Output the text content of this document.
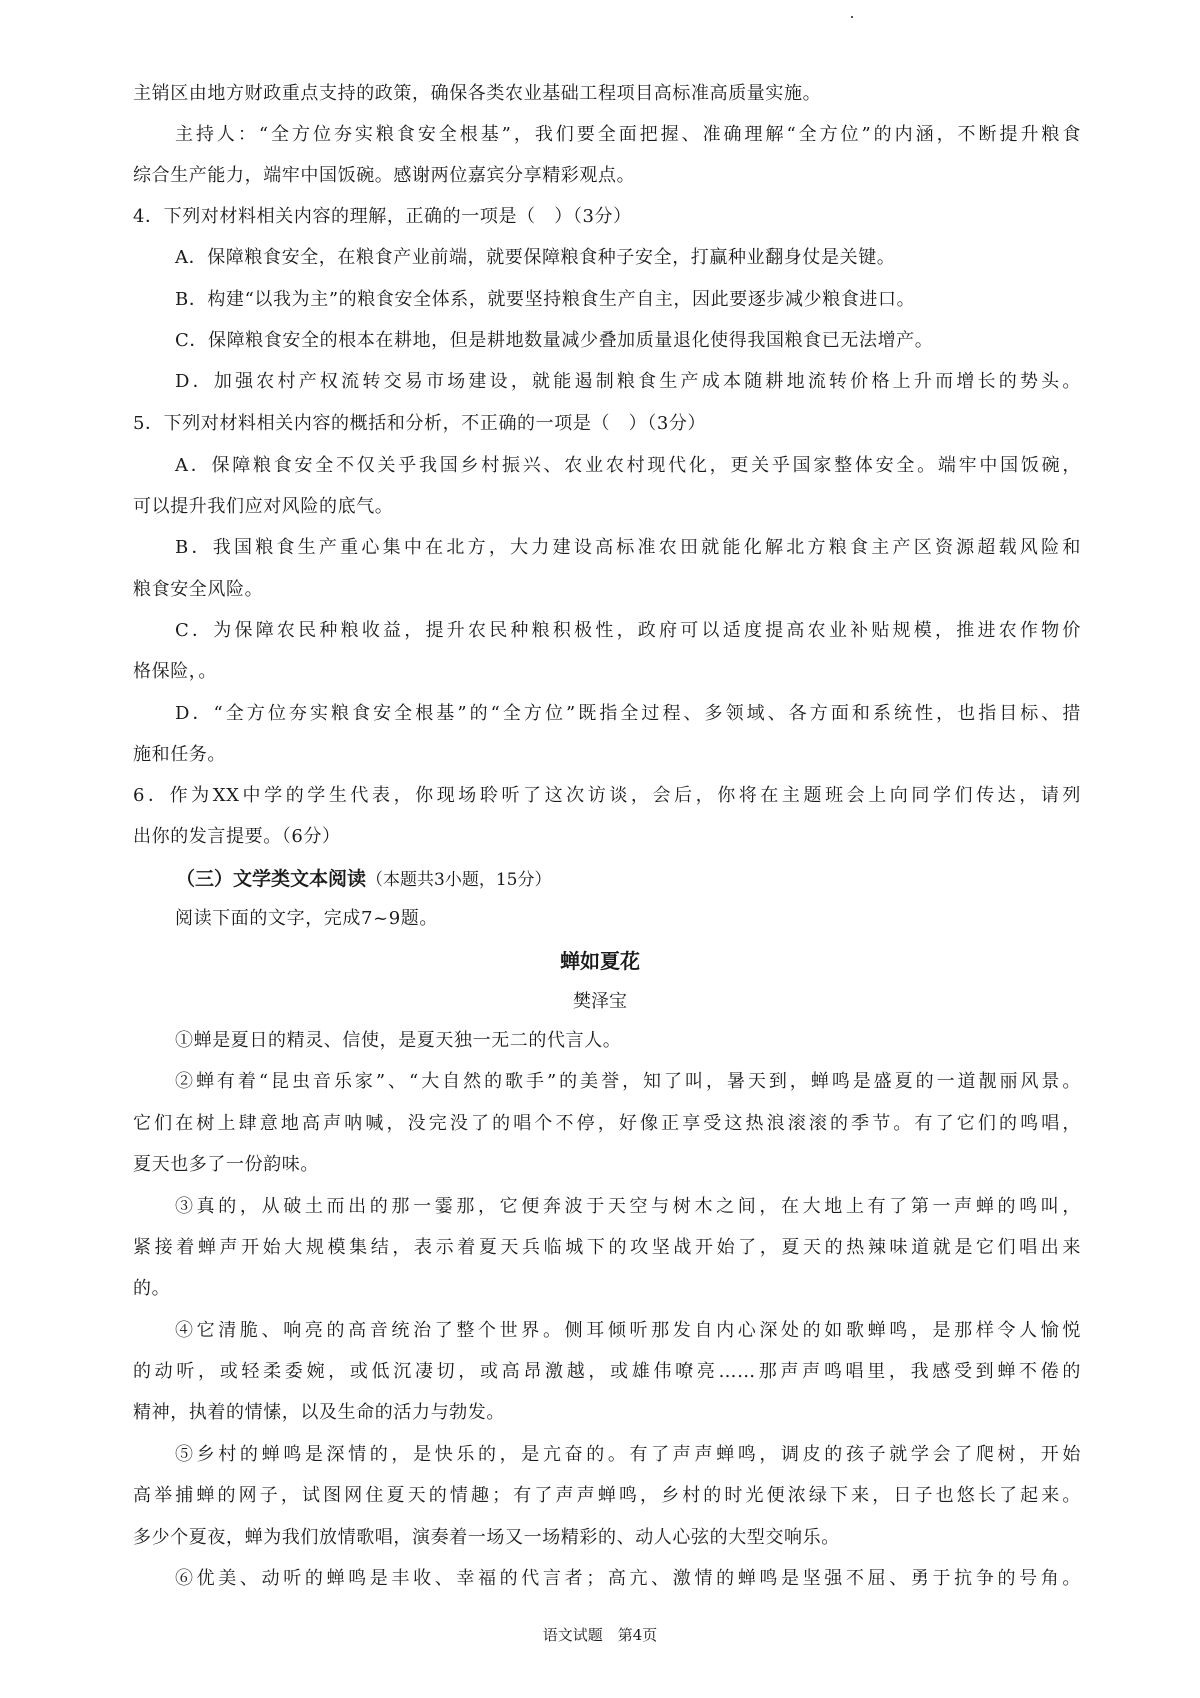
主销区由地方财政重点支持的政策，确保各类农业基础工程项目高标准高质量实施。
主持人：“全方位夯实粮食安全根基”，我们要全面把握、准确理解“全方位”的内涵，不断提升粮食
综合生产能力，端牢中国饭碗。感谢两位嘉宾分享精彩观点。
4．下列对材料相关内容的理解，正确的一项是（　）（3分）
A．保障粮食安全，在粮食产业前端，就要保障粮食种子安全，打赢种业翻身仗是关键。
B．构建“以我为主”的粮食安全体系，就要坚持粮食生产自主，因此要逐步减少粮食进口。
C．保障粮食安全的根本在耕地，但是耕地数量减少叠加质量退化使得我国粮食已无法增产。
D．加强农村产权流转交易市场建设，就能遏制粮食生产成本随耕地流转价格上升而增长的势头。
5．下列对材料相关内容的概括和分析，不正确的一项是（　）（3分）
A．保障粮食安全不仅关乎我国乡村振兴、农业农村现代化，更关乎国家整体安全。端牢中国饭碗，
可以提升我们应对风险的底气。
B．我国粮食生产重心集中在北方，大力建设高标准农田就能化解北方粮食主产区资源超载风险和
粮食安全风险。
C．为保障农民种粮收益，提升农民种粮积极性，政府可以适度提高农业补贴规模，推进农作物价
格保险，。
D．“全方位夯实粮食安全根基”的“全方位”既指全过程、多领域、各方面和系统性，也指目标、措
施和任务。
6．作为XX中学的学生代表，你现场聆听了这次访谈，会后，你将在主题班会上向同学们传达，请列
出你的发言提要。（6分）
（三）文学类文本阅读（本题共3小题，15分）
阅读下面的文字，完成7~9题。
蝉如夏花
樊泽宝
①蝉是夏日的精灵、信使，是夏天独一无二的代言人。
②蝉有着“昆虫音乐家”、“大自然的歌手”的美誉，知了叫，暑天到，蝉鸣是盛夏的一道靓丽风景。
它们在树上肆意地高声呐喊，没完没了的唱个不停，好像正享受这热浪滚滚的季节。有了它们的鸣唱，
夏天也多了一份韵味。
③真的，从破土而出的那一霎那，它便奔波于天空与树木之间，在大地上有了第一声蝉的鸣叫，
紧接着蝉声开始大规模集结，表示着夏天兵临城下的攻坚战开始了，夏天的热辣味道就是它们唱出来
的。
④它清脆、响亮的高音统治了整个世界。侧耳倾听那发自内心深处的如歌蝉鸣，是那样令人愉悦
的动听，或轻柔委婉，或低沉凄切，或高昂激越，或雄伟嘹亮……那声声鸣唱里，我感受到蝉不倦的
精神，执着的情愫，以及生命的活力与勃发。
⑤乡村的蝉鸣是深情的，是快乐的，是亢奋的。有了声声蝉鸣，调皮的孩子就学会了爬树，开始
高举捕蝉的网子，试图网住夏天的情趣；有了声声蝉鸣，乡村的时光便浓绿下来，日子也悠长了起来。
多少个夏夜，蝉为我们放情歌唱，演奏着一场又一场精彩的、动人心弦的大型交响乐。
⑥优美、动听的蝉鸣是丰收、幸福的代言者；高亢、激情的蝉鸣是坚强不屈、勇于抗争的号角。
语文试题　第4页
